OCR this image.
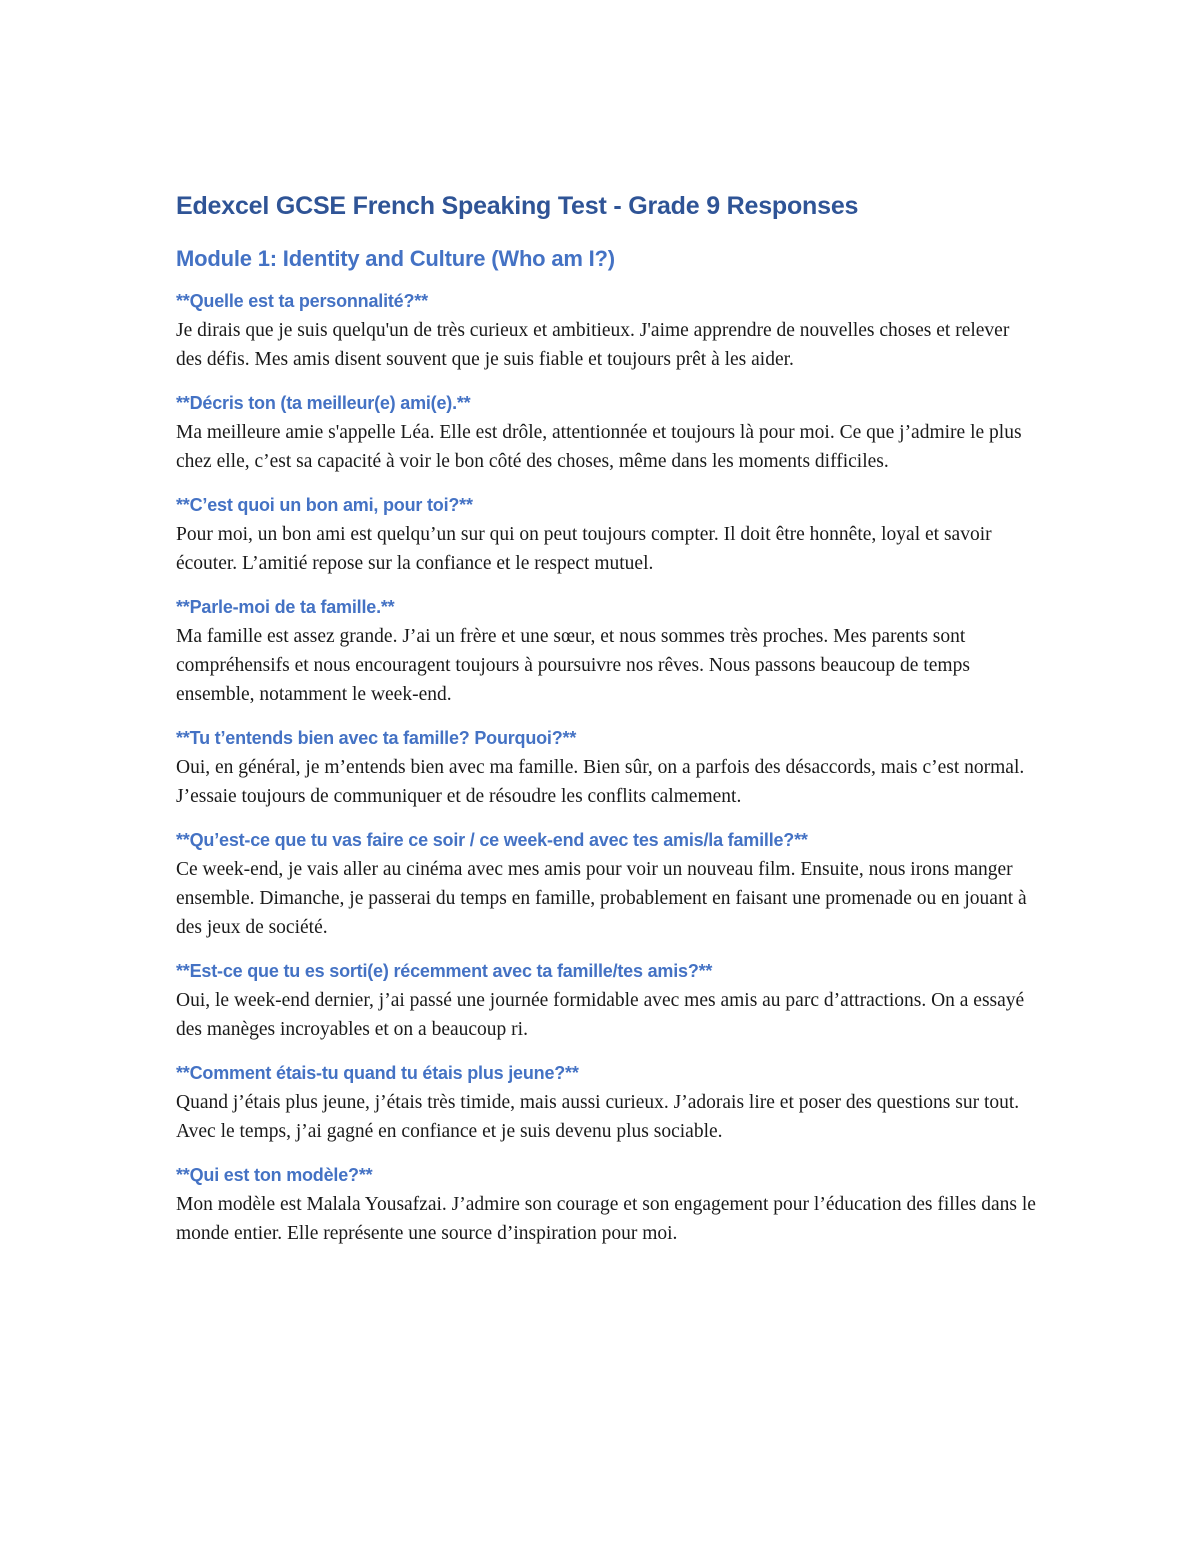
Edexcel GCSE French Speaking Test - Grade 9 Responses
Module 1: Identity and Culture (Who am I?)

**Quelle est ta personnalité?**

Je dirais que je suis quelqu'un de très curieux et ambitieux. J'aime apprendre de nouvelles choses et relever des défis. Mes amis disent souvent que je suis fiable et toujours prêt à les aider.

**Décris ton (ta meilleur(e) ami(e).**

Ma meilleure amie s'appelle Léa. Elle est drôle, attentionnée et toujours là pour moi. Ce que j’admire le plus chez elle, c’est sa capacité à voir le bon côté des choses, même dans les moments difficiles.

**C’est quoi un bon ami, pour toi?**

Pour moi, un bon ami est quelqu’un sur qui on peut toujours compter. Il doit être honnête, loyal et savoir écouter. L’amitié repose sur la confiance et le respect mutuel.

**Parle-moi de ta famille.**

Ma famille est assez grande. J’ai un frère et une sœur, et nous sommes très proches. Mes parents sont compréhensifs et nous encouragent toujours à poursuivre nos rêves. Nous passons beaucoup de temps ensemble, notamment le week-end.

**Tu t’entends bien avec ta famille? Pourquoi?**

Oui, en général, je m’entends bien avec ma famille. Bien sûr, on a parfois des désaccords, mais c’est normal. J’essaie toujours de communiquer et de résoudre les conflits calmement.

**Qu’est-ce que tu vas faire ce soir / ce week-end avec tes amis/la famille?**

Ce week-end, je vais aller au cinéma avec mes amis pour voir un nouveau film. Ensuite, nous irons manger ensemble. Dimanche, je passerai du temps en famille, probablement en faisant une promenade ou en jouant à des jeux de société.

**Est-ce que tu es sorti(e) récemment avec ta famille/tes amis?**

Oui, le week-end dernier, j’ai passé une journée formidable avec mes amis au parc d’attractions. On a essayé des manèges incroyables et on a beaucoup ri.

**Comment étais-tu quand tu étais plus jeune?**

Quand j’étais plus jeune, j’étais très timide, mais aussi curieux. J’adorais lire et poser des questions sur tout. Avec le temps, j’ai gagné en confiance et je suis devenu plus sociable.

**Qui est ton modèle?**

Mon modèle est Malala Yousafzai. J’admire son courage et son engagement pour l’éducation des filles dans le monde entier. Elle représente une source d’inspiration pour moi.
